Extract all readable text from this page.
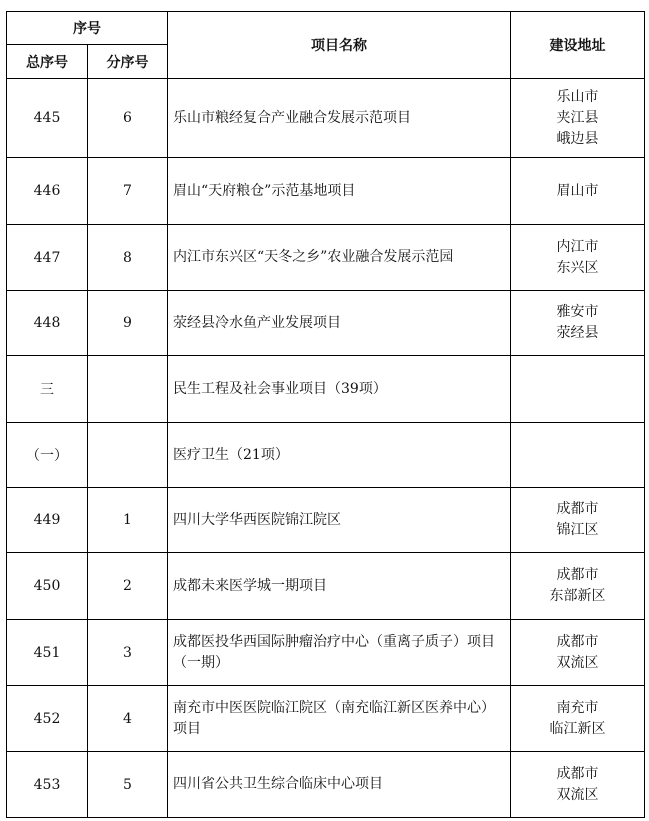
序号		项目名称	建设地址
总序号	分序号		
445	6	乐山市粮经复合产业融合发展示范项目	乐山市
夹江县
峨边县

446	7	眉山“天府粮仓”示范基地项目	眉山市

447	8	内江市东兴区“天冬之乡”农业融合发展示范园	内江市
东兴区

448	9	荥经县冷水鱼产业发展项目	雅安市
荥经县

三		民生工程及社会事业项目（39项）	
（一）		医疗卫生（21项）	
449	1	四川大学华西医院锦江院区	成都市
锦江区

450	2	成都未来医学城一期项目	成都市
东部新区

451	3	成都医投华西国际肿瘤治疗中心（重离子质子）项目（一期）	成都市
双流区

452	4	南充市中医医院临江院区（南充临江新区医养中心）项目	南充市
临江新区

453	5	四川省公共卫生综合临床中心项目	成都市
双流区
